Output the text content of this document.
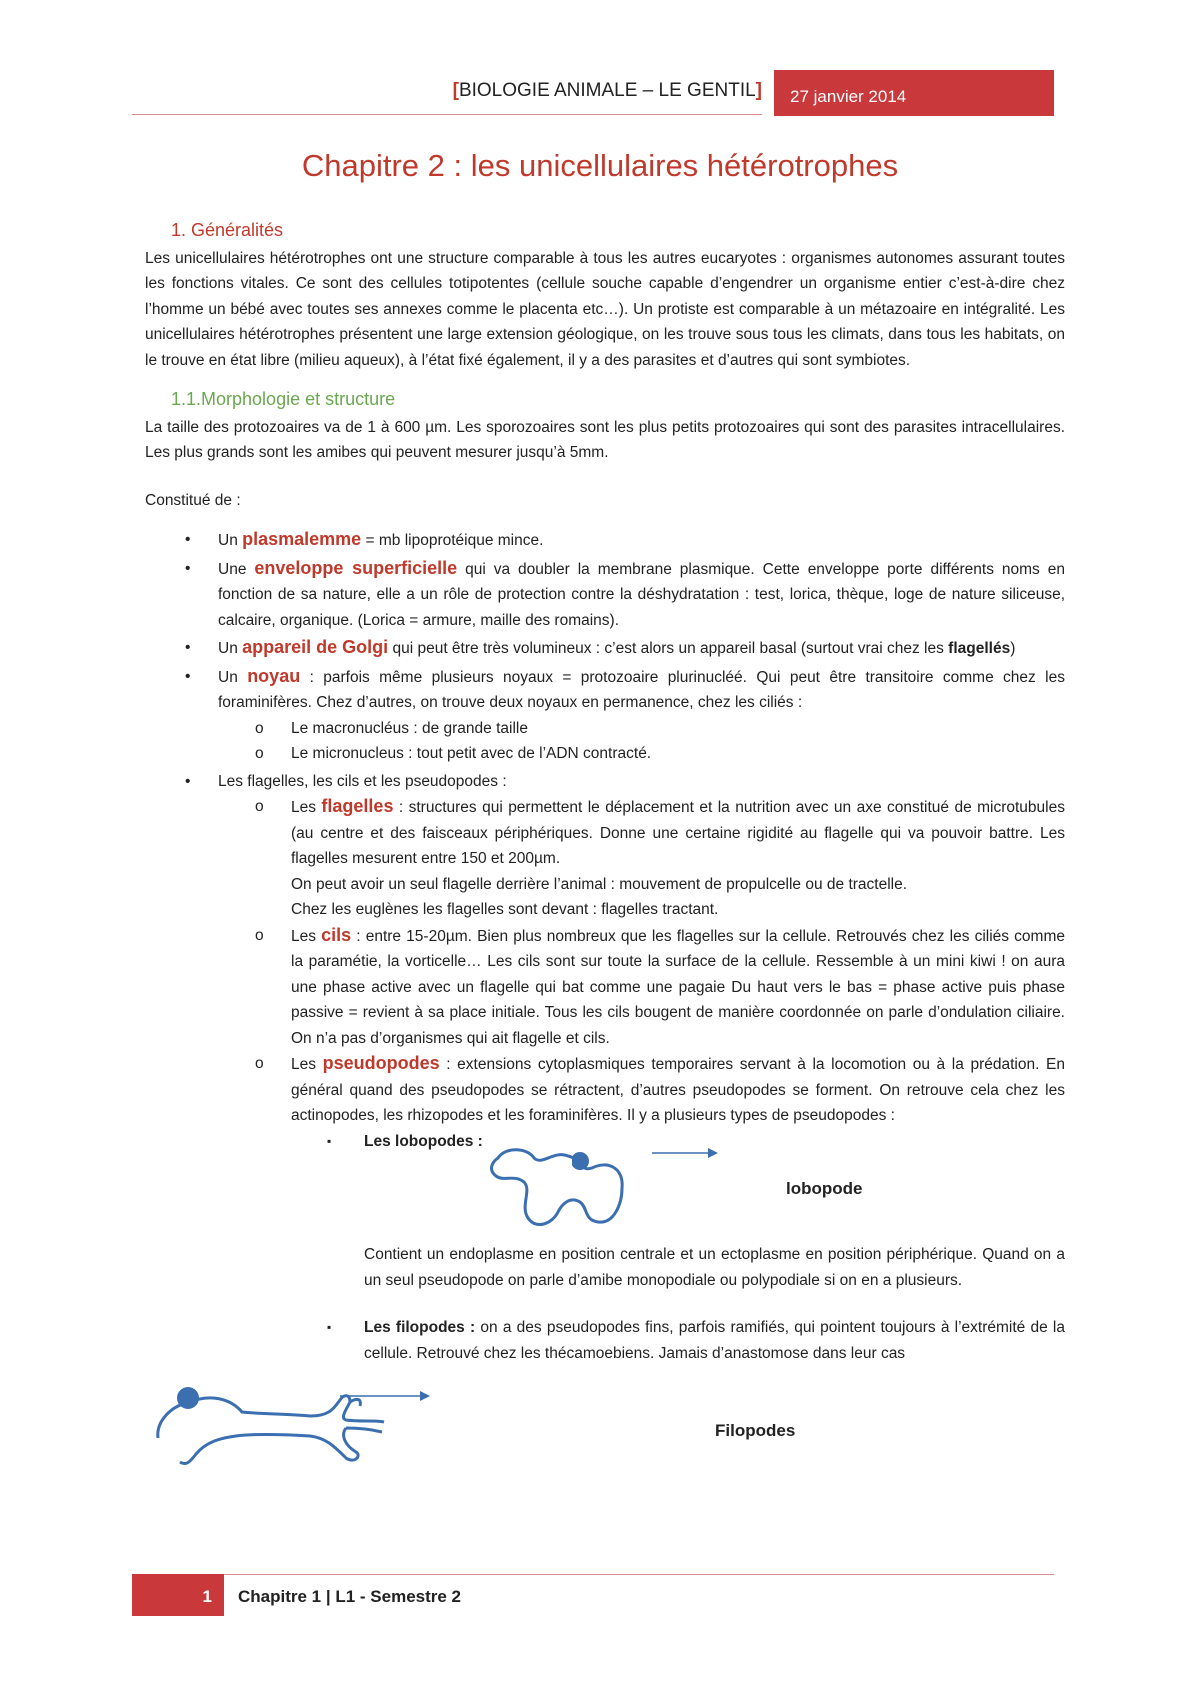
[BIOLOGIE ANIMALE – LE GENTIL]	27 janvier 2014
Chapitre 2 : les unicellulaires hétérotrophes
1. Généralités

Les unicellulaires hétérotrophes ont une structure comparable à tous les autres eucaryotes : organismes autonomes assurant toutes les fonctions vitales. Ce sont des cellules totipotentes (cellule souche capable d’engendrer un organisme entier c’est-à-dire chez l’homme un bébé avec toutes ses annexes comme le placenta etc…). Un protiste est comparable à un métazoaire en intégralité. Les unicellulaires hétérotrophes présentent une large extension géologique, on les trouve sous tous les climats, dans tous les habitats, on le trouve en état libre (milieu aqueux), à l’état fixé également, il y a des parasites et d’autres qui sont symbiotes.

1.1.Morphologie et structure

La taille des protozoaires va de 1 à 600 µm. Les sporozoaires sont les plus petits protozoaires qui sont des parasites intracellulaires. Les plus grands sont les amibes qui peuvent mesurer jusqu’à 5mm.

Constitué de :

• Un plasmalemme = mb lipoprotéique mince.
• Une enveloppe superficielle qui va doubler la membrane plasmique. Cette enveloppe porte différents noms en fonction de sa nature, elle a un rôle de protection contre la déshydratation : test, lorica, thèque, loge de nature siliceuse, calcaire, organique. (Lorica = armure, maille des romains).
• Un appareil de Golgi qui peut être très volumineux : c’est alors un appareil basal (surtout vrai chez les flagellés)
• Un noyau : parfois même plusieurs noyaux = protozoaire plurinucléé. Qui peut être transitoire comme chez les foraminifères. Chez d’autres, on trouve deux noyaux en permanence, chez les ciliés :
o Le macronucléus : de grande taille
o Le micronucleus : tout petit avec de l’ADN contracté.
• Les flagelles, les cils et les pseudopodes :
o Les flagelles : structures qui permettent le déplacement et la nutrition avec un axe constitué de microtubules (au centre et des faisceaux périphériques. Donne une certaine rigidité au flagelle qui va pouvoir battre. Les flagelles mesurent entre 150 et 200µm.
On peut avoir un seul flagelle derrière l’animal : mouvement de propulcelle ou de tractelle.
Chez les euglènes les flagelles sont devant : flagelles tractant.
o Les cils : entre 15-20µm. Bien plus nombreux que les flagelles sur la cellule. Retrouvés chez les ciliés comme la paramétie, la vorticelle… Les cils sont sur toute la surface de la cellule. Ressemble à un mini kiwi ! on aura une phase active avec un flagelle qui bat comme une pagaie Du haut vers le bas = phase active puis phase passive = revient à sa place initiale. Tous les cils bougent de manière coordonnée on parle d’ondulation ciliaire. On n’a pas d’organismes qui ait flagelle et cils.
o Les pseudopodes : extensions cytoplasmiques temporaires servant à la locomotion ou à la prédation. En général quand des pseudopodes se rétractent, d’autres pseudopodes se forment. On retrouve cela chez les actinopodes, les rhizopodes et les foraminifères. Il y a plusieurs types de pseudopodes :
▪ Les lobopodes :
lobopode

Contient un endoplasme en position centrale et un ectoplasme en position périphérique. Quand on a un seul pseudopode on parle d’amibe monopodiale ou polypodiale si on en a plusieurs.

▪ Les filopodes : on a des pseudopodes fins, parfois ramifiés, qui pointent toujours à l’extrémité de la cellule. Retrouvé chez les thécamoebiens. Jamais d’anastomose dans leur cas
Filopodes
1	Chapitre 1 | L1 - Semestre 2
